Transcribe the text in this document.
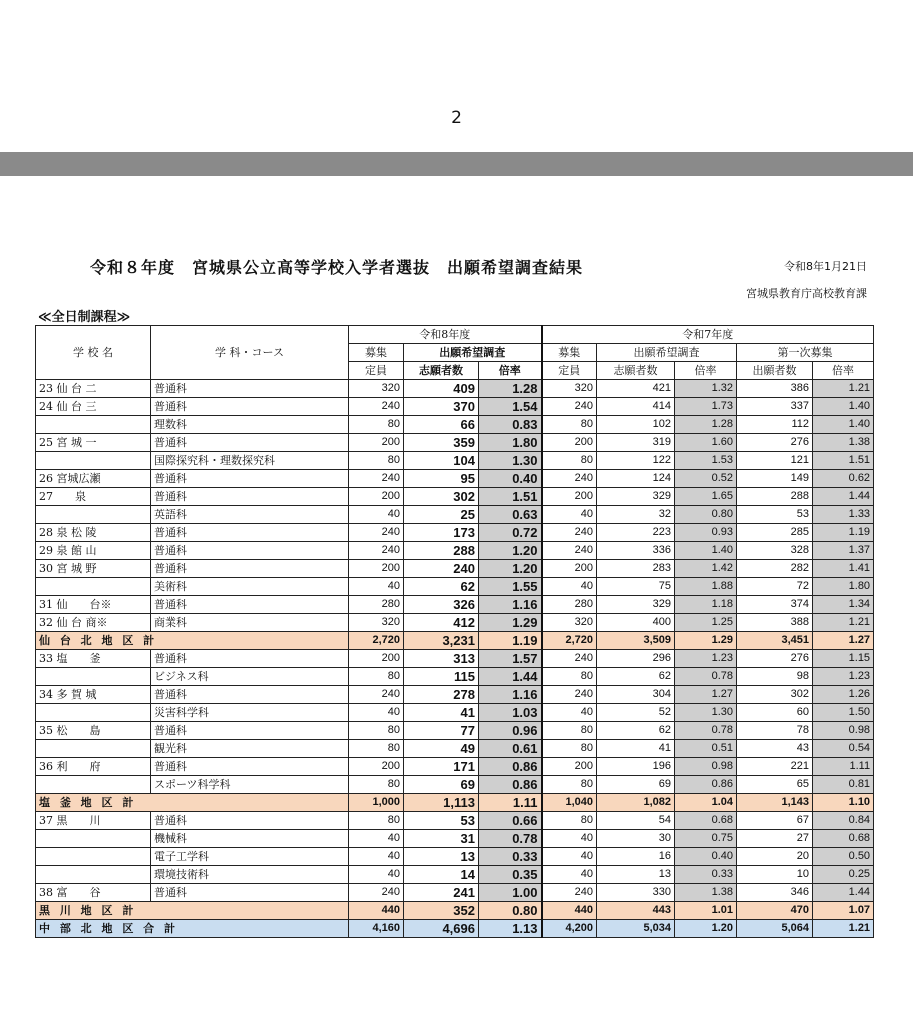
2
令和８年度　宮城県公立高等学校入学者選抜　出願希望調査結果	令和8年1月21日
宮城県教育庁高校教育課
≪全日制課程≫
学 校 名	学 科・コース	令和8年度			令和7年度				
		募集	出願希望調査		募集	出願希望調査		第一次募集	
		定員	志願者数	倍率	定員	志願者数	倍率	出願者数	倍率
23 仙 台 二	普通科	320	409	1.28	320	421	1.32	386	1.21
24 仙 台 三	普通科	240	370	1.54	240	414	1.73	337	1.40
	理数科	80	66	0.83	80	102	1.28	112	1.40
25 宮 城 一	普通科	200	359	1.80	200	319	1.60	276	1.38
	国際探究科・理数探究科	80	104	1.30	80	122	1.53	121	1.51
26 宮城広瀬	普通科	240	95	0.40	240	124	0.52	149	0.62
27　　泉	普通科	200	302	1.51	200	329	1.65	288	1.44
	英語科	40	25	0.63	40	32	0.80	53	1.33
28 泉 松 陵	普通科	240	173	0.72	240	223	0.93	285	1.19
29 泉 館 山	普通科	240	288	1.20	240	336	1.40	328	1.37
30 宮 城 野	普通科	200	240	1.20	200	283	1.42	282	1.41
	美術科	40	62	1.55	40	75	1.88	72	1.80
31 仙　　台※	普通科	280	326	1.16	280	329	1.18	374	1.34
32 仙 台 商※	商業科	320	412	1.29	320	400	1.25	388	1.21
仙 台 北 地 区 計		2,720	3,231	1.19	2,720	3,509	1.29	3,451	1.27
33 塩　　釜	普通科	200	313	1.57	240	296	1.23	276	1.15
	ビジネス科	80	115	1.44	80	62	0.78	98	1.23
34 多 賀 城	普通科	240	278	1.16	240	304	1.27	302	1.26
	災害科学科	40	41	1.03	40	52	1.30	60	1.50
35 松　　島	普通科	80	77	0.96	80	62	0.78	78	0.98
	観光科	80	49	0.61	80	41	0.51	43	0.54
36 利　　府	普通科	200	171	0.86	200	196	0.98	221	1.11
	スポーツ科学科	80	69	0.86	80	69	0.86	65	0.81
塩 釜 地 区 計		1,000	1,113	1.11	1,040	1,082	1.04	1,143	1.10
37 黒　　川	普通科	80	53	0.66	80	54	0.68	67	0.84
	機械科	40	31	0.78	40	30	0.75	27	0.68
	電子工学科	40	13	0.33	40	16	0.40	20	0.50
	環境技術科	40	14	0.35	40	13	0.33	10	0.25
38 富　　谷	普通科	240	241	1.00	240	330	1.38	346	1.44
黒 川 地 区 計		440	352	0.80	440	443	1.01	470	1.07
中 部 北 地 区 合 計		4,160	4,696	1.13	4,200	5,034	1.20	5,064	1.21
